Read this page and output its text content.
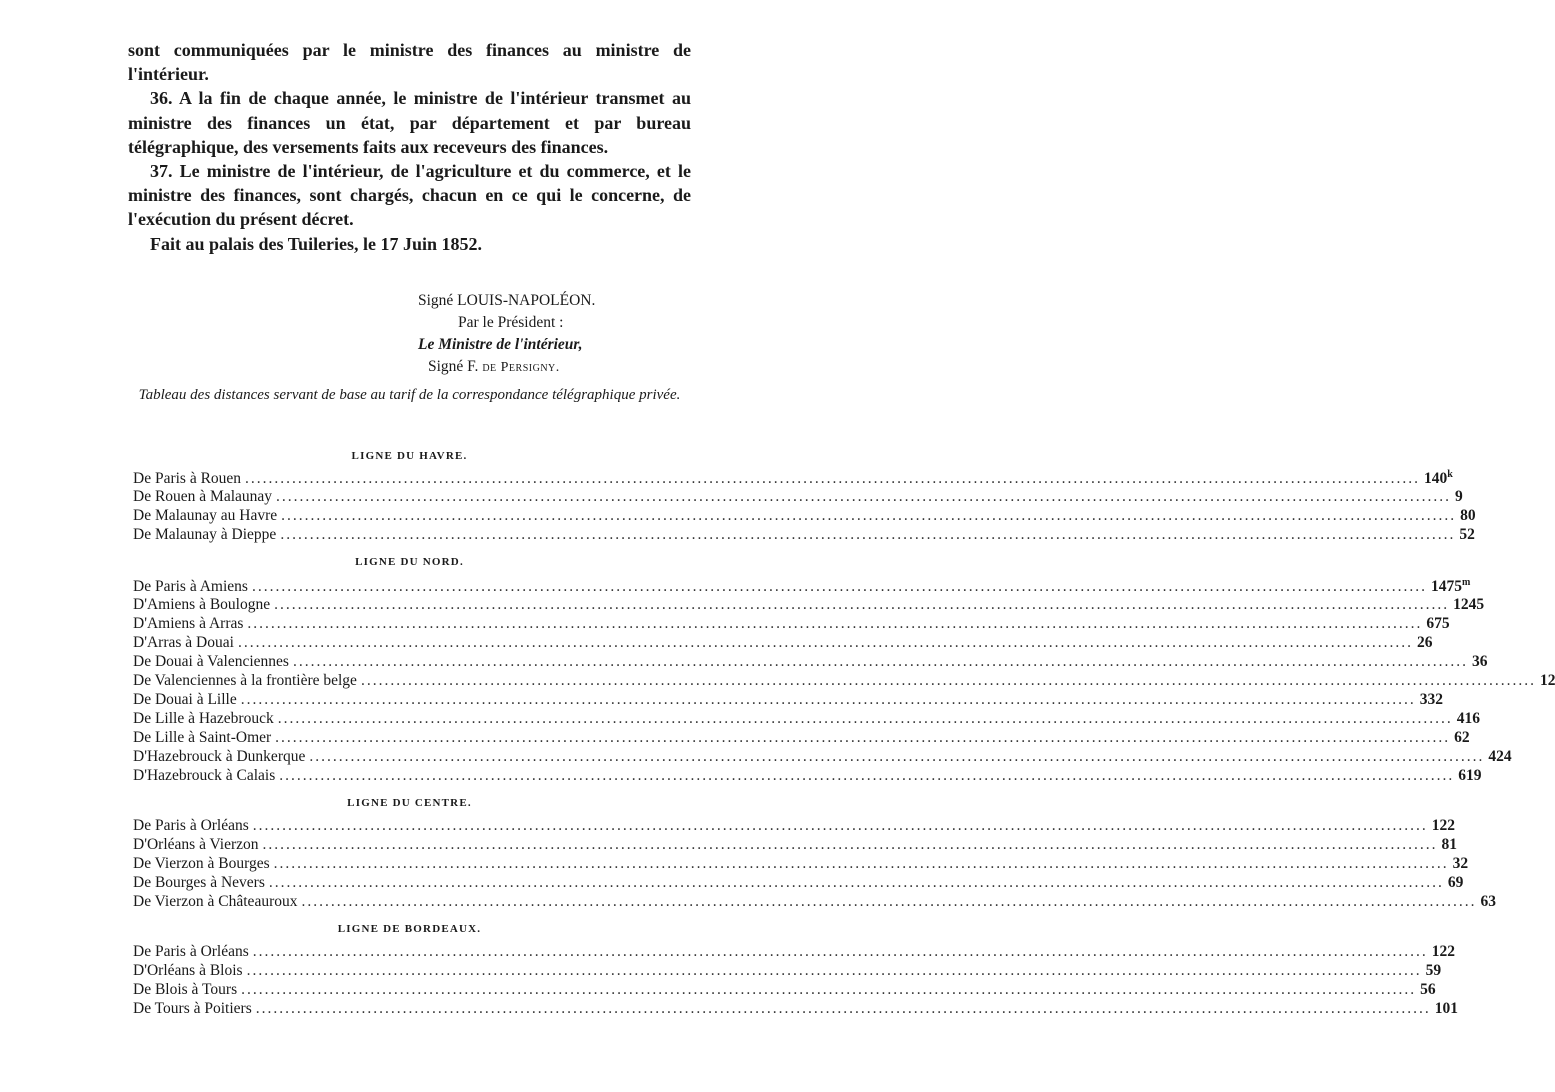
sont communiquées par le ministre des finances au ministre de l'intérieur.

36. A la fin de chaque année, le ministre de l'intérieur transmet au ministre des finances un état, par département et par bureau télégraphique, des versements faits aux receveurs des finances.

37. Le ministre de l'intérieur, de l'agriculture et du commerce, et le ministre des finances, sont chargés, chacun en ce qui le concerne, de l'exécution du présent décret.

Fait au palais des Tuileries, le 17 Juin 1852.

Signé LOUIS-NAPOLÉON.
Par le Président :
Le Ministre de l'intérieur,
Signé F. de Persigny.
Tableau des distances servant de base au tarif de la correspondance télégraphique privée.
LIGNE DU HAVRE.
De Paris à Rouen ........................................................................................................................................................................................................ 140$^k$
De Rouen à Malaunay ........................................................................................................................................................................................................ 9
De Malaunay au Havre ........................................................................................................................................................................................................ 80
De Malaunay à Dieppe ........................................................................................................................................................................................................ 52
LIGNE DU NORD.
De Paris à Amiens ........................................................................................................................................................................................................ 147 5$^m$
D'Amiens à Boulogne ........................................................................................................................................................................................................ 124 5
D'Amiens à Arras ........................................................................................................................................................................................................ 67 5
D'Arras à Douai ........................................................................................................................................................................................................ 26
De Douai à Valenciennes ........................................................................................................................................................................................................ 36
De Valenciennes à la frontière belge ........................................................................................................................................................................................................ 12
De Douai à Lille ........................................................................................................................................................................................................ 33 2
De Lille à Hazebrouck ........................................................................................................................................................................................................ 41 6
De Lille à Saint-Omer ........................................................................................................................................................................................................ 62
D'Hazebrouck à Dunkerque ........................................................................................................................................................................................................ 42 4
D'Hazebrouck à Calais ........................................................................................................................................................................................................ 61 9
LIGNE DU CENTRE.
De Paris à Orléans ........................................................................................................................................................................................................ 122
D'Orléans à Vierzon ........................................................................................................................................................................................................ 81
De Vierzon à Bourges ........................................................................................................................................................................................................ 32
De Bourges à Nevers ........................................................................................................................................................................................................ 69
De Vierzon à Châteauroux ........................................................................................................................................................................................................ 63
LIGNE DE BORDEAUX.
De Paris à Orléans ........................................................................................................................................................................................................ 122
D'Orléans à Blois ........................................................................................................................................................................................................ 59
De Blois à Tours ........................................................................................................................................................................................................ 56
De Tours à Poitiers ........................................................................................................................................................................................................ 101
